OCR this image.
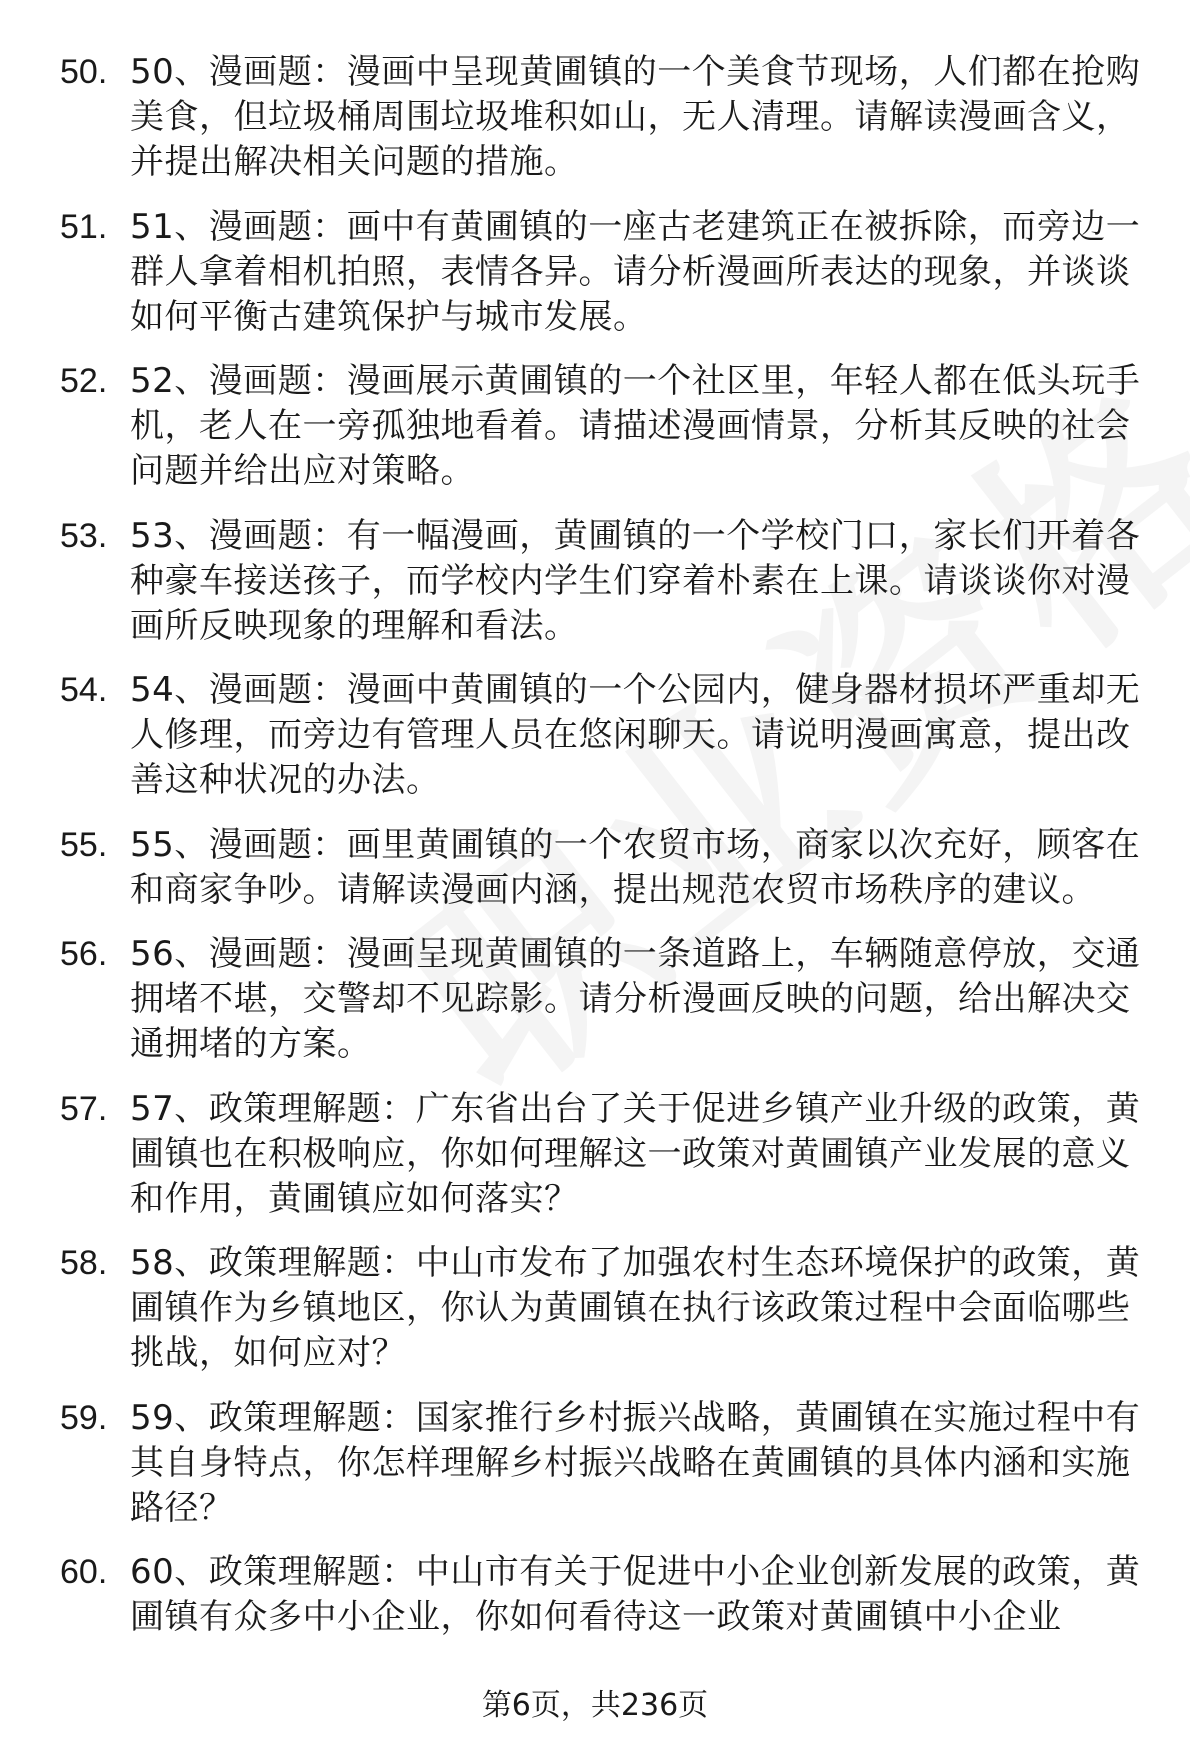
50. 50、漫画题：漫画中呈现黄圃镇的一个美食节现场，人们都在抢购美食，但垃圾桶周围垃圾堆积如山，无人清理。请解读漫画含义，并提出解决相关问题的措施。
51. 51、漫画题：画中有黄圃镇的一座古老建筑正在被拆除，而旁边一群人拿着相机拍照，表情各异。请分析漫画所表达的现象，并谈谈如何平衡古建筑保护与城市发展。
52. 52、漫画题：漫画展示黄圃镇的一个社区里，年轻人都在低头玩手机，老人在一旁孤独地看着。请描述漫画情景，分析其反映的社会问题并给出应对策略。
53. 53、漫画题：有一幅漫画，黄圃镇的一个学校门口，家长们开着各种豪车接送孩子，而学校内学生们穿着朴素在上课。请谈谈你对漫画所反映现象的理解和看法。
54. 54、漫画题：漫画中黄圃镇的一个公园内，健身器材损坏严重却无人修理，而旁边有管理人员在悠闲聊天。请说明漫画寓意，提出改善这种状况的办法。
55. 55、漫画题：画里黄圃镇的一个农贸市场，商家以次充好，顾客在和商家争吵。请解读漫画内涵，提出规范农贸市场秩序的建议。
56. 56、漫画题：漫画呈现黄圃镇的一条道路上，车辆随意停放，交通拥堵不堪，交警却不见踪影。请分析漫画反映的问题，给出解决交通拥堵的方案。
57. 57、政策理解题：广东省出台了关于促进乡镇产业升级的政策，黄圃镇也在积极响应，你如何理解这一政策对黄圃镇产业发展的意义和作用，黄圃镇应如何落实？
58. 58、政策理解题：中山市发布了加强农村生态环境保护的政策，黄圃镇作为乡镇地区，你认为黄圃镇在执行该政策过程中会面临哪些挑战，如何应对？
59. 59、政策理解题：国家推行乡村振兴战略，黄圃镇在实施过程中有其自身特点，你怎样理解乡村振兴战略在黄圃镇的具体内涵和实施路径？
60. 60、政策理解题：中山市有关于促进中小企业创新发展的政策，黄圃镇有众多中小企业，你如何看待这一政策对黄圃镇中小企业
第6页，共236页
